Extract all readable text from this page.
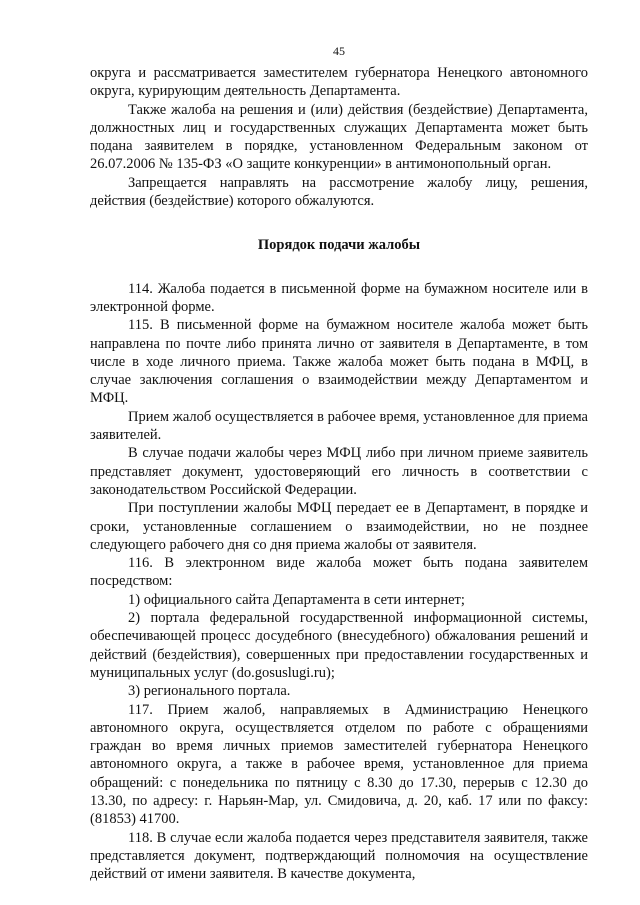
45

округа и рассматривается заместителем губернатора Ненецкого автономного округа, курирующим деятельность Департамента.

Также жалоба на решения и (или) действия (бездействие) Департамента, должностных лиц и государственных служащих Департамента может быть подана заявителем в порядке, установленном Федеральным законом от 26.07.2006 № 135-ФЗ «О защите конкуренции» в антимонопольный орган.

Запрещается направлять на рассмотрение жалобу лицу, решения, действия (бездействие) которого обжалуются.

Порядок подачи жалобы

114. Жалоба подается в письменной форме на бумажном носителе или в электронной форме.

115. В письменной форме на бумажном носителе жалоба может быть направлена по почте либо принята лично от заявителя в Департаменте, в том числе в ходе личного приема. Также жалоба может быть подана в МФЦ, в случае заключения соглашения о взаимодействии между Департаментом и МФЦ.

Прием жалоб осуществляется в рабочее время, установленное для приема заявителей.

В случае подачи жалобы через МФЦ либо при личном приеме заявитель представляет документ, удостоверяющий его личность в соответствии с законодательством Российской Федерации.

При поступлении жалобы МФЦ передает ее в Департамент, в порядке и сроки, установленные соглашением о взаимодействии, но не позднее следующего рабочего дня со дня приема жалобы от заявителя.

116. В электронном виде жалоба может быть подана заявителем посредством:

1) официального сайта Департамента в сети интернет;

2) портала федеральной государственной информационной системы, обеспечивающей процесс досудебного (внесудебного) обжалования решений и действий (бездействия), совершенных при предоставлении государственных и муниципальных услуг (do.gosuslugi.ru);

3) регионального портала.

117. Прием жалоб, направляемых в Администрацию Ненецкого автономного округа, осуществляется отделом по работе с обращениями граждан во время личных приемов заместителей губернатора Ненецкого автономного округа, а также в рабочее время, установленное для приема обращений: с понедельника по пятницу с 8.30 до 17.30, перерыв с 12.30 до 13.30, по адресу: г. Нарьян-Мар, ул. Смидовича, д. 20, каб. 17 или по факсу: (81853) 41700.

118. В случае если жалоба подается через представителя заявителя, также представляется документ, подтверждающий полномочия на осуществление действий от имени заявителя. В качестве документа,
